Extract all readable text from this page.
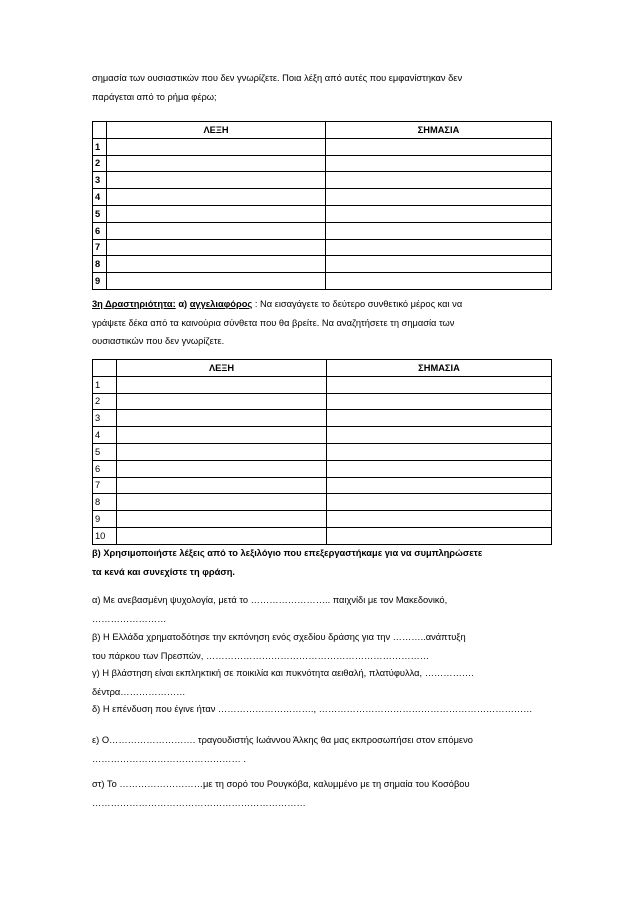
σημασία των ουσιαστικών που δεν γνωρίζετε. Ποια λέξη από αυτές που εμφανίστηκαν δεν
παράγεται από το ρήμα φέρω;

	ΛΕΞΗ	ΣΗΜΑΣΙΑ
1		
2		
3		
4		
5		
6		
7		
8		
9		

3η Δραστηριότητα: α) αγγελιαφόρος : Να εισαγάγετε το δεύτερο συνθετικό μέρος και να
γράψετε δέκα από τα καινούρια σύνθετα που θα βρείτε. Να αναζητήσετε τη σημασία των
ουσιαστικών που δεν γνωρίζετε.

	ΛΕΞΗ	ΣΗΜΑΣΙΑ
1		
2		
3		
4		
5		
6		
7		
8		
9		
10		

β) Χρησιμοποιήστε λέξεις από το λεξιλόγιο που επεξεργαστήκαμε για να συμπληρώσετε
τα κενά και συνεχίστε τη φράση.

α) Με ανεβασμένη ψυχολογία, μετά το …………………….. παιχνίδι με τον Μακεδονικό,
……………………

β) Η Ελλάδα χρηματοδότησε την εκπόνηση ενός σχεδίου δράσης για την ………..ανάπτυξη
του πάρκου των Πρεσπών, ………………………………………………………………

γ) Η βλάστηση είναι εκπληκτική σε ποικιλία και πυκνότητα αειθαλή, πλατύφυλλα, …………….
δέντρα…………………

δ) Η επένδυση που έγινε ήταν …………………………., ……………………………………………………………

ε) Ο………………………. τραγουδιστής Ιωάννου Άλκης θα μας εκπροσωπήσει στον επόμενο
………………………………………… .

στ) Το ………………………με τη σορό του Ρουγκόβα, καλυμμένο με τη σημαία του Κοσόβου
……………………………………………………………
